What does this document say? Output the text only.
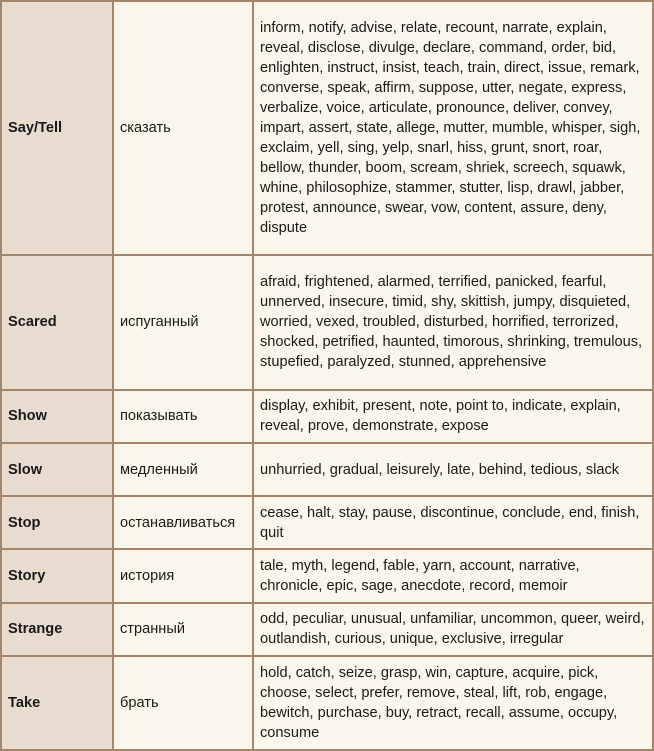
Say/Tell	сказать	inform, notify, advise, relate, recount, narrate, explain, reveal, disclose, divulge, declare, command, order, bid, enlighten, instruct, insist, teach, train, direct, issue, remark, converse, speak, affirm, suppose, utter, negate, express, verbalize, voice, articulate, pronounce, deliver, convey, impart, assert, state, allege, mutter, mumble, whisper, sigh, exclaim, yell, sing, yelp, snarl, hiss, grunt, snort, roar, bellow, thunder, boom, scream, shriek, screech, squawk, whine, philosophize, stammer, stutter, lisp, drawl, jabber, protest, announce, swear, vow, content, assure, deny, dispute
Scared	испуганный	afraid, frightened, alarmed, terrified, panicked, fearful, unnerved, insecure, timid, shy, skittish, jumpy, disquieted, worried, vexed, troubled, disturbed, horrified, terrorized, shocked, petrified, haunted, timorous, shrinking, tremulous, stupefied, paralyzed, stunned, apprehensive
Show	показывать	display, exhibit, present, note, point to, indicate, explain, reveal, prove, demonstrate, expose
Slow	медленный	unhurried, gradual, leisurely, late, behind, tedious, slack
Stop	останавливаться	cease, halt, stay, pause, discontinue, conclude, end, finish, quit
Story	история	tale, myth, legend, fable, yarn, account, narrative, chronicle, epic, sage, anecdote, record, memoir
Strange	странный	odd, peculiar, unusual, unfamiliar, uncommon, queer, weird, outlandish, curious, unique, exclusive, irregular
Take	брать	hold, catch, seize, grasp, win, capture, acquire, pick, choose, select, prefer, remove, steal, lift, rob, engage, bewitch, purchase, buy, retract, recall, assume, occupy, consume
